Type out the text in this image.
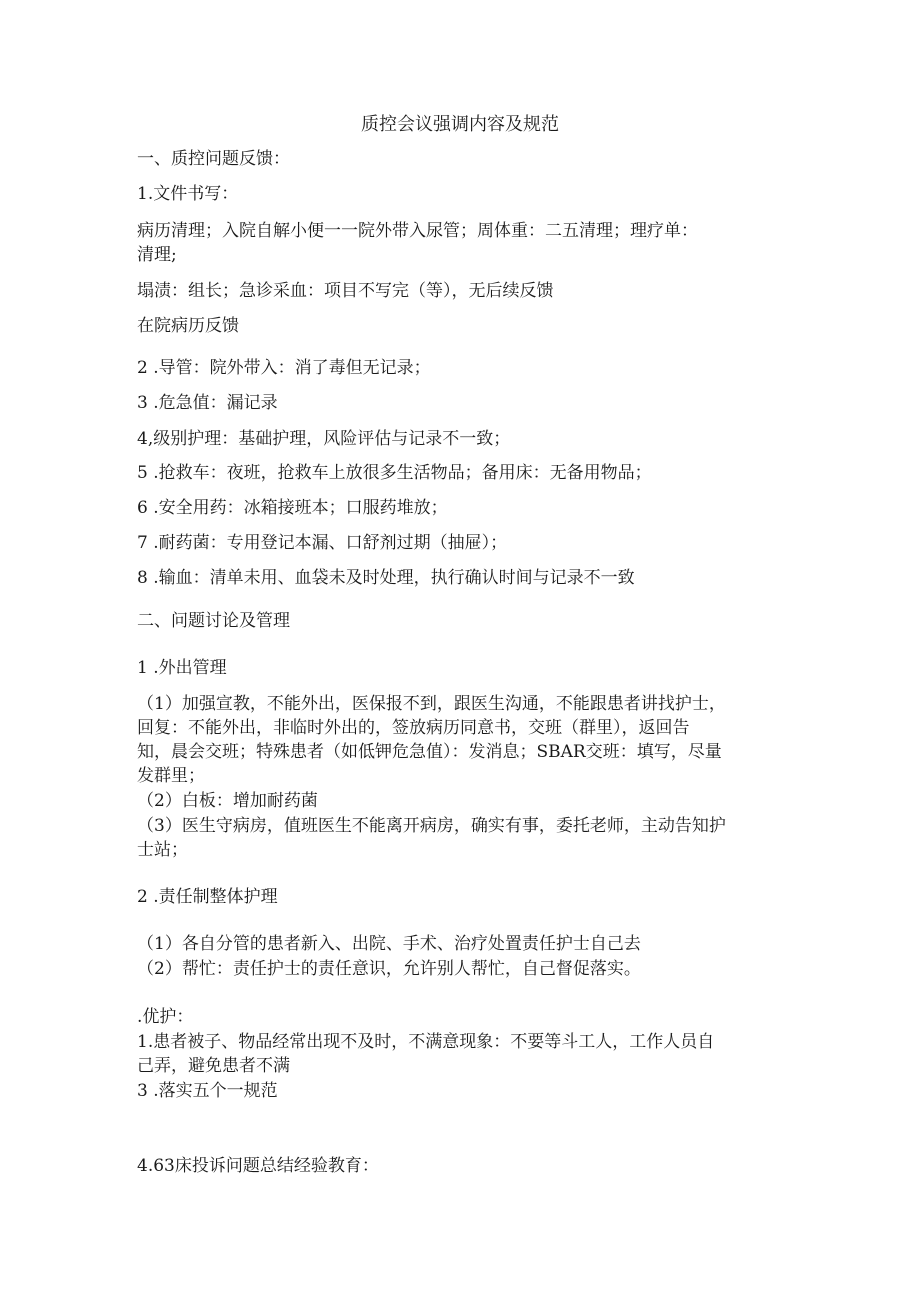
质控会议强调内容及规范
一、质控问题反馈：
1.文件书写：
病历清理；入院自解小便一一院外带入尿管；周体重：二五清理；理疗单：
清理;
塌渍：组长；急诊采血：项目不写完（等），无后续反馈
在院病历反馈
2 .导管：院外带入：消了毒但无记录；
3 .危急值：漏记录
4,级别护理：基础护理，风险评估与记录不一致；
5 .抢救车：夜班，抢救车上放很多生活物品；备用床：无备用物品；
6 .安全用药：冰箱接班本；口服药堆放；
7 .耐药菌：专用登记本漏、口舒剂过期（抽屉）；
8 .输血：清单未用、血袋未及时处理，执行确认时间与记录不一致
二、问题讨论及管理
1 .外出管理
（1）加强宣教，不能外出，医保报不到，跟医生沟通，不能跟患者讲找护士，
回复：不能外出，非临时外出的，签放病历同意书，交班（群里），返回告
知，晨会交班；特殊患者（如低钾危急值）：发消息；SBAR交班：填写，尽量
发群里；
（2）白板：增加耐药菌
（3）医生守病房，值班医生不能离开病房，确实有事，委托老师，主动告知护
士站；
2 .责任制整体护理
（1）各自分管的患者新入、出院、手术、治疗处置责任护士自己去
（2）帮忙：责任护士的责任意识，允许别人帮忙，自己督促落实。
.优护：
1.患者被子、物品经常出现不及时，不满意现象：不要等斗工人，工作人员自
己弄，避免患者不满
3 .落实五个一规范
4.63床投诉问题总结经验教育：
